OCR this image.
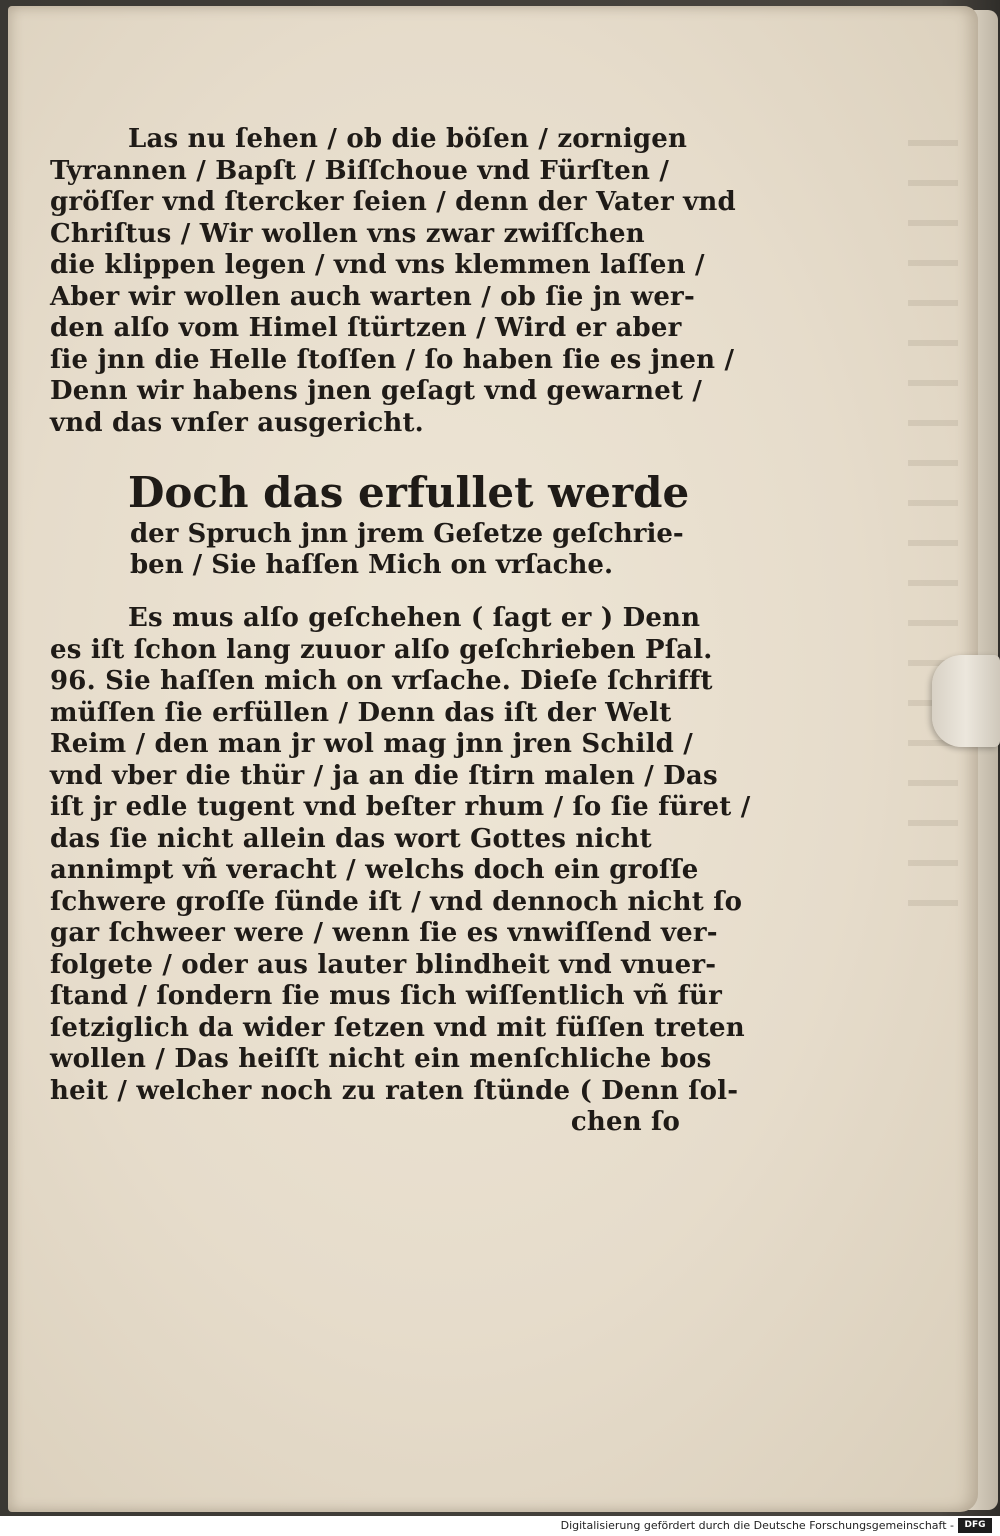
Las nu ſehen / ob die böſen / zornigen
Tyrannen / Bapſt / Biſſchoue vnd Fürſten /
gröſſer vnd ſtercker ſeien / denn der Vater vnd
Chriſtus / Wir wollen vns zwar zwiſſchen
die klippen legen / vnd vns klemmen laſſen /
Aber wir wollen auch warten / ob ſie jn wer-
den alſo vom Himel ſtürtzen / Wird er aber
ſie jnn die Helle ſtoſſen / ſo haben ſie es jnen /
Denn wir habens jnen geſagt vnd gewarnet /
vnd das vnſer ausgericht.
Doch das erfullet werde
der Spruch jnn jrem Geſetze geſchrie-
ben / Sie haſſen Mich on vrſache.
Es mus alſo geſchehen ( ſagt er ) Denn
es iſt ſchon lang zuuor alſo geſchrieben Pſal.
96. Sie haſſen mich on vrſache. Dieſe ſchrifft
müſſen ſie erfüllen / Denn das iſt der Welt
Reim / den man jr wol mag jnn jren Schild /
vnd vber die thür / ja an die ſtirn malen / Das
iſt jr edle tugent vnd beſter rhum / ſo ſie füret /
das ſie nicht allein das wort Gottes nicht
annimpt vñ veracht / welchs doch ein groſſe
ſchwere groſſe ſünde iſt / vnd dennoch nicht ſo
gar ſchweer were / wenn ſie es vnwiſſend ver-
folgete / oder aus lauter blindheit vnd vnuer-
ſtand / ſondern ſie mus ſich wiſſentlich vñ für
ſetziglich da wider ſetzen vnd mit füſſen treten
wollen / Das heiſſt nicht ein menſchliche bos
heit / welcher noch zu raten ſtünde ( Denn ſol-
chen ſo
Digitalisierung gefördert durch die Deutsche Forschungsgemeinschaft -	DFG
